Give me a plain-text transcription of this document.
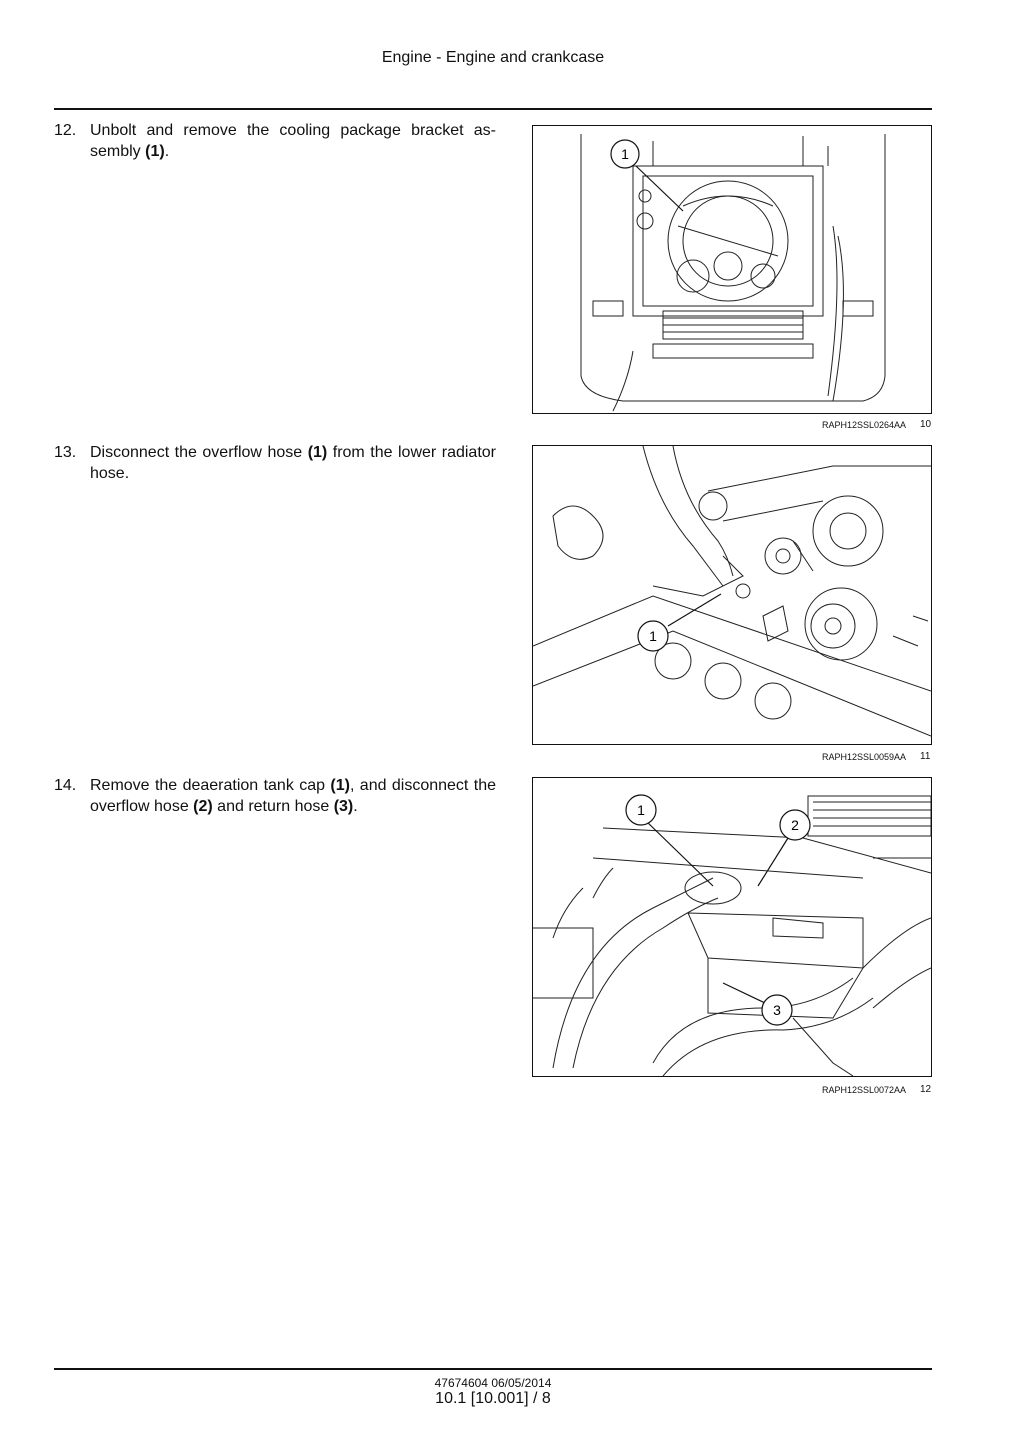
Engine - Engine and crankcase
12. Unbolt and remove the cooling package bracket assembly (1).	1
RAPH12SSL0264AA 10
13. Disconnect the overflow hose (1) from the lower radiator hose.
1
RAPH12SSL0059AA 11
14. Remove the deaeration tank cap (1), and disconnect the overflow hose (2) and return hose (3).	1
2
3
RAPH12SSL0072AA 12
47674604 06/05/2014
10.1 [10.001] / 8
